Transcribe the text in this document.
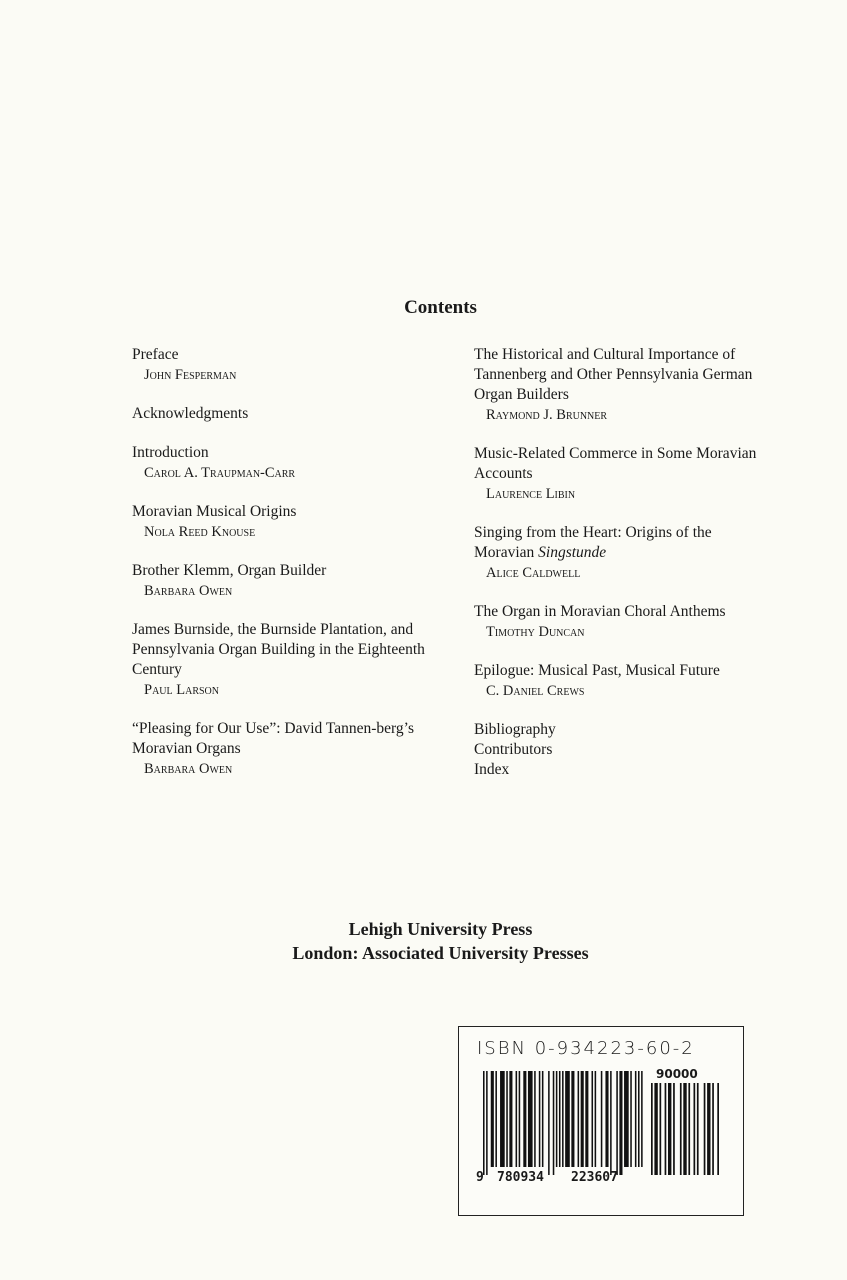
Contents
Preface
John Fesperman
Acknowledgments
Introduction
Carol A. Traupman-Carr
Moravian Musical Origins
Nola Reed Knouse
Brother Klemm, Organ Builder
Barbara Owen
James Burnside, the Burnside Plantation, and Pennsylvania Organ Building in the Eighteenth Century
Paul Larson
“Pleasing for Our Use”: David Tannen-berg’s Moravian Organs
Barbara Owen
The Historical and Cultural Importance of Tannenberg and Other Pennsylvania German Organ Builders
Raymond J. Brunner
Music-Related Commerce in Some Moravian Accounts
Laurence Libin
Singing from the Heart: Origins of the Moravian Singstunde
Alice Caldwell
The Organ in Moravian Choral Anthems
Timothy Duncan
Epilogue: Musical Past, Musical Future
C. Daniel Crews
Bibliography
Contributors
Index
Lehigh University Press
London: Associated University Presses
ISBN 0-934223-60-2
90000
9 780934 223607
